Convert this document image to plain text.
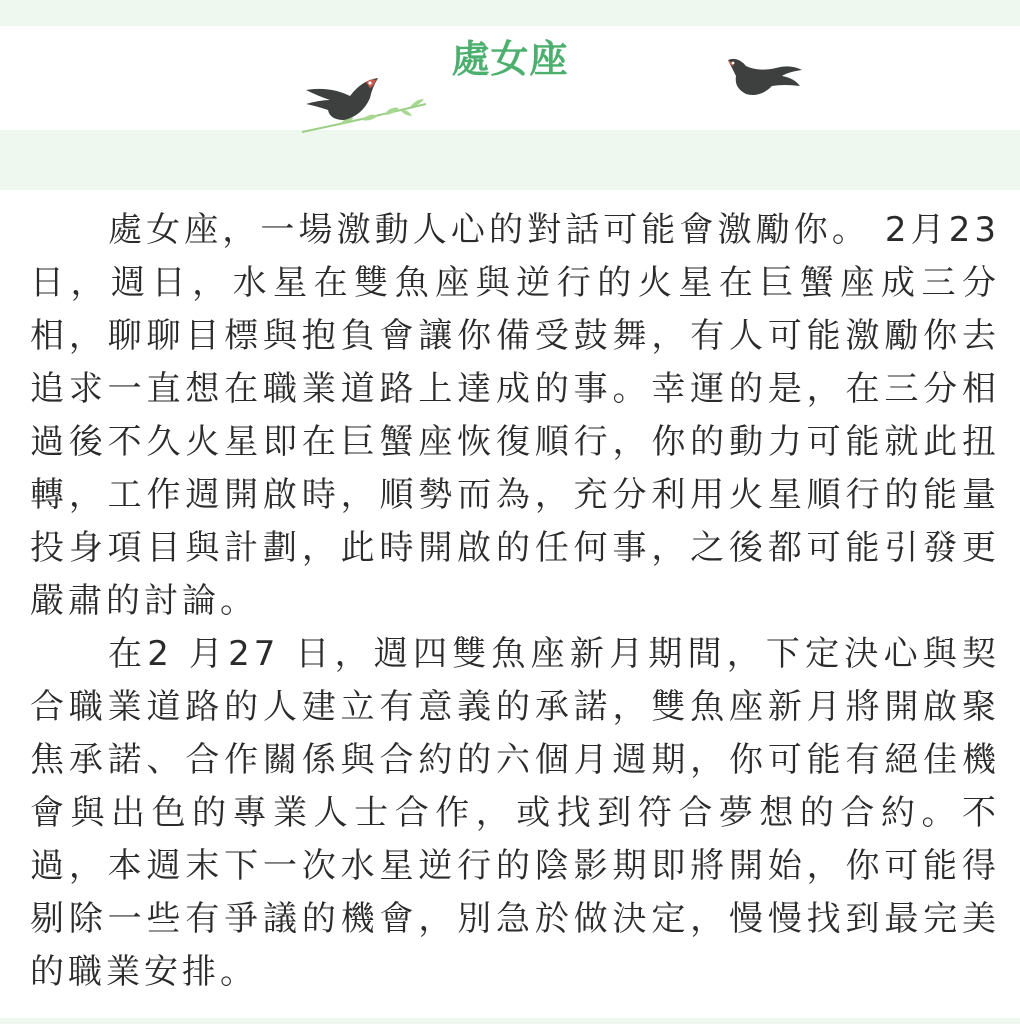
處女座

處女座，一場激動人心的對話可能會激勵你。 2月23 日，週日，水星在雙魚座與逆行的火星在巨蟹座成三分相，聊聊目標與抱負會讓你備受鼓舞，有人可能激勵你去追求一直想在職業道路上達成的事。幸運的是，在三分相過後不久火星即在巨蟹座恢復順行，你的動力可能就此扭轉，工作週開啟時，順勢而為，充分利用火星順行的能量投身項目與計劃，此時開啟的任何事，之後都可能引發更嚴肅的討論。

在2 月27 日，週四雙魚座新月期間，下定決心與契合職業道路的人建立有意義的承諾，雙魚座新月將開啟聚焦承諾、合作關係與合約的六個月週期，你可能有絕佳機會與出色的專業人士合作，或找到符合夢想的合約。不過，本週末下一次水星逆行的陰影期即將開始，你可能得剔除一些有爭議的機會，別急於做決定，慢慢找到最完美的職業安排。
